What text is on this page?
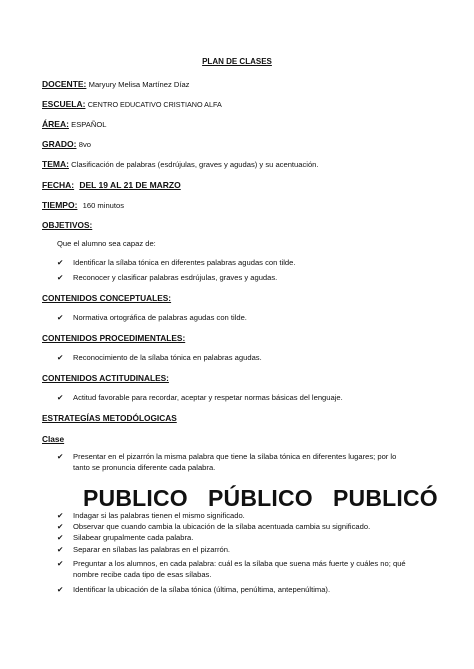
PLAN DE CLASES
DOCENTE: Maryury Melisa Martínez Díaz
ESCUELA: CENTRO EDUCATIVO CRISTIANO ALFA
ÁREA: ESPAÑOL
GRADO: 8vo
TEMA: Clasificación de palabras (esdrújulas, graves y agudas) y su acentuación.
FECHA: DEL 19 AL 21 DE MARZO
TIEMPO: 160 minutos
OBJETIVOS:
Que el alumno sea capaz de:
✔ Identificar la sílaba tónica en diferentes palabras agudas con tilde.
✔ Reconocer y clasificar palabras esdrújulas, graves y agudas.
CONTENIDOS CONCEPTUALES:
✔ Normativa ortográfica de palabras agudas con tilde.
CONTENIDOS PROCEDIMENTALES:
✔ Reconocimiento de la sílaba tónica en palabras agudas.
CONTENIDOS ACTITUDINALES:
✔ Actitud favorable para recordar, aceptar y respetar normas básicas del lenguaje.
ESTRATEGÍAS METODÓLOGICAS
Clase
✔ Presentar en el pizarrón la misma palabra que tiene la sílaba tónica en diferentes lugares; por lo
tanto se pronuncia diferente cada palabra.
PUBLICO PÚBLICO PUBLICÓ
✔ Indagar si las palabras tienen el mismo significado.
✔ Observar que cuando cambia la ubicación de la sílaba acentuada cambia su significado.
✔ Silabear grupalmente cada palabra.
✔ Separar en sílabas las palabras en el pizarrón.
✔ Preguntar a los alumnos, en cada palabra: cuál es la sílaba que suena más fuerte y cuáles no; qué
nombre recibe cada tipo de esas sílabas.
✔ Identificar la ubicación de la sílaba tónica (última, penúltima, antepenúltima).
